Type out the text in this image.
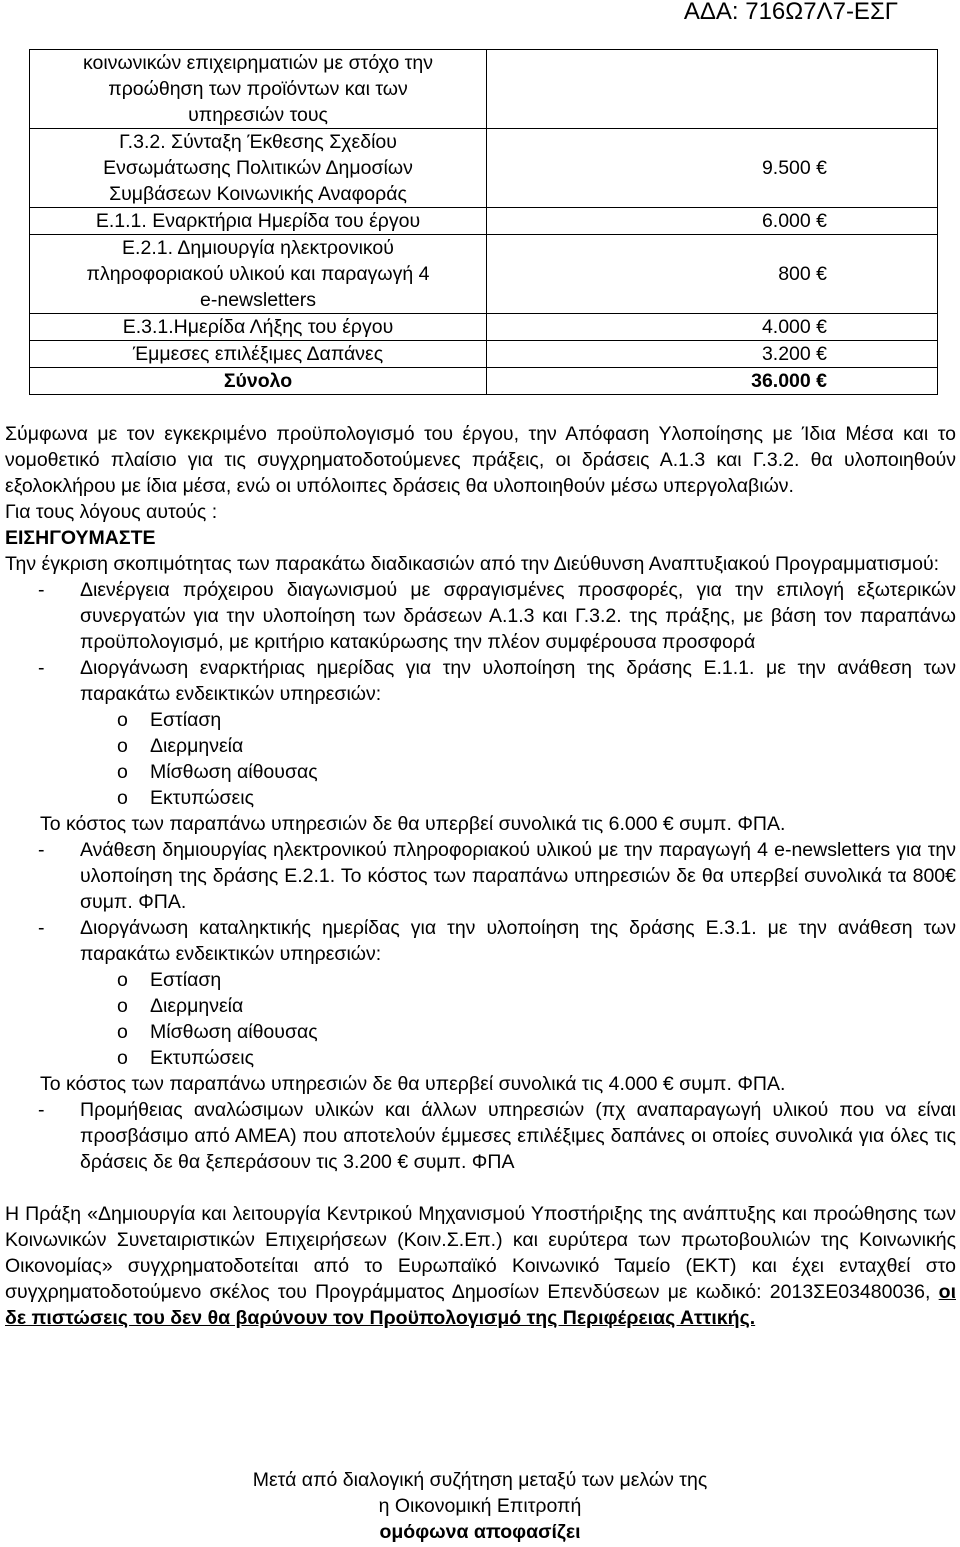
ΑΔΑ: 716Ω7Λ7-ΕΣΓ
κοινωνικών επιχειρηματιών με στόχο την
προώθηση των προϊόντων και των
υπηρεσιών τους	

Γ.3.2. Σύνταξη Έκθεσης Σχεδίου
Ενσωμάτωσης Πολιτικών Δημοσίων
Συμβάσεων Κοινωνικής Αναφοράς	9.500 €

Ε.1.1. Εναρκτήρια Ημερίδα του έργου	6.000 €

Ε.2.1. Δημιουργία ηλεκτρονικού
πληροφοριακού υλικού και παραγωγή 4
e-newsletters	800 €

Ε.3.1.Ημερίδα Λήξης του έργου	4.000 €

Έμμεσες επιλέξιμες Δαπάνες	3.200 €

Σύνολο	36.000 €

Σύμφωνα με τον εγκεκριμένο προϋπολογισμό του έργου, την Απόφαση Υλοποίησης με Ίδια Μέσα και το νομοθετικό πλαίσιο για τις συγχρηματοδοτούμενες πράξεις, οι δράσεις Α.1.3 και Γ.3.2. θα υλοποιηθούν εξολοκλήρου με ίδια μέσα, ενώ οι υπόλοιπες δράσεις θα υλοποιηθούν μέσω υπεργολαβιών.

Για τους λόγους αυτούς :

ΕΙΣΗΓΟΥΜΑΣΤΕ

Την έγκριση σκοπιμότητας των παρακάτω διαδικασιών από την Διεύθυνση Αναπτυξιακού Προγραμματισμού:

- Διενέργεια πρόχειρου διαγωνισμού με σφραγισμένες προσφορές, για την επιλογή εξωτερικών συνεργατών για την υλοποίηση των δράσεων Α.1.3 και Γ.3.2. της πράξης, με βάση τον παραπάνω προϋπολογισμό, με κριτήριο κατακύρωσης την πλέον συμφέρουσα προσφορά
- Διοργάνωση εναρκτήριας ημερίδας για την υλοποίηση της δράσης Ε.1.1. με την ανάθεση των παρακάτω ενδεικτικών υπηρεσιών:
o Εστίαση
o Διερμηνεία
o Μίσθωση αίθουσας
o Εκτυπώσεις

Το κόστος των παραπάνω υπηρεσιών δε θα υπερβεί συνολικά τις 6.000 € συμπ. ΦΠΑ.

- Ανάθεση δημιουργίας ηλεκτρονικού πληροφοριακού υλικού με την παραγωγή 4 e-newsletters για την υλοποίηση της δράσης Ε.2.1. Το κόστος των παραπάνω υπηρεσιών δε θα υπερβεί συνολικά τα 800€ συμπ. ΦΠΑ.
- Διοργάνωση καταληκτικής ημερίδας για την υλοποίηση της δράσης Ε.3.1. με την ανάθεση των παρακάτω ενδεικτικών υπηρεσιών:
o Εστίαση
o Διερμηνεία
o Μίσθωση αίθουσας
o Εκτυπώσεις

Το κόστος των παραπάνω υπηρεσιών δε θα υπερβεί συνολικά τις 4.000 € συμπ. ΦΠΑ.

- Προμήθειας αναλώσιμων υλικών και άλλων υπηρεσιών (πχ αναπαραγωγή υλικού που να είναι προσβάσιμο από ΑΜΕΑ) που αποτελούν έμμεσες επιλέξιμες δαπάνες οι οποίες συνολικά για όλες τις δράσεις δε θα ξεπεράσουν τις 3.200 € συμπ. ΦΠΑ

Η Πράξη «Δημιουργία και λειτουργία Κεντρικού Μηχανισμού Υποστήριξης της ανάπτυξης και προώθησης των Κοινωνικών Συνεταιριστικών Επιχειρήσεων (Κοιν.Σ.Επ.) και ευρύτερα των πρωτοβουλιών της Κοινωνικής Οικονομίας» συγχρηματοδοτείται από το Ευρωπαϊκό Κοινωνικό Ταμείο (ΕΚΤ) και έχει ενταχθεί στο συγχρηματοδοτούμενο σκέλος του Προγράμματος Δημοσίων Επενδύσεων με κωδικό: 2013ΣΕ03480036, οι δε πιστώσεις του δεν θα βαρύνουν τον Προϋπολογισμό της Περιφέρειας Αττικής.

Μετά από διαλογική συζήτηση μεταξύ των μελών της
η Οικονομική Επιτροπή
ομόφωνα αποφασίζει
